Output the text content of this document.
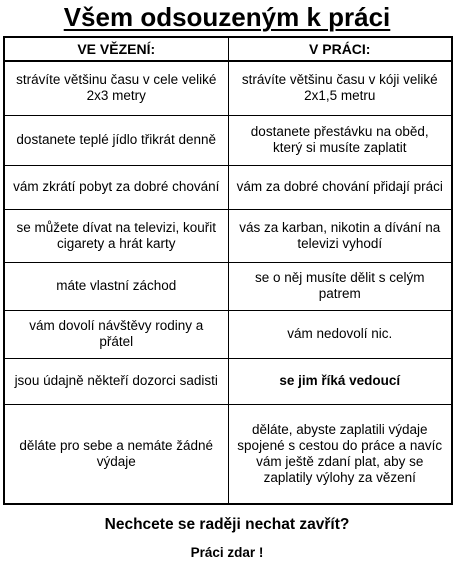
Všem odsouzeným k práci
VE VĚZENÍ:	V PRÁCI:
strávíte většinu času v cele veliké 2x3 metry	strávíte většinu času v kóji veliké 2x1,5 metru
dostanete teplé jídlo třikrát denně	dostanete přestávku na oběd, který si musíte zaplatit
vám zkrátí pobyt za dobré chování	vám za dobré chování přidají práci
se můžete dívat na televizi, kouřit cigarety a hrát karty	vás za karban, nikotin a dívání na televizi vyhodí
máte vlastní záchod	se o něj musíte dělit s celým patrem
vám dovolí návštěvy rodiny a přátel	vám nedovolí nic.
jsou údajně někteří dozorci sadisti	se jim říká vedoucí
děláte pro sebe a nemáte žádné výdaje	děláte, abyste zaplatili výdaje spojené s cestou do práce a navíc vám ještě zdaní plat, aby se zaplatily výlohy za vězení
Nechcete se raději nechat zavřít?
Práci zdar !
